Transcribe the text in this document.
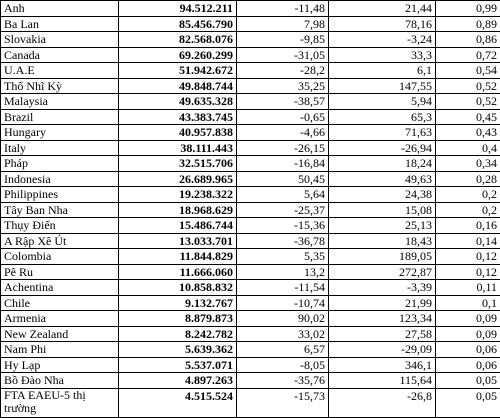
Anh	94.512.211	-11,48	21,44	0,99
Ba Lan	85.456.790	7,98	78,16	0,89
Slovakia	82.568.076	-9,85	-3,24	0,86
Canada	69.260.299	-31,05	33,3	0,72
U.A.E	51.942.672	-28,2	6,1	0,54
Thổ Nhĩ Kỳ	49.848.744	35,25	147,55	0,52
Malaysia	49.635.328	-38,57	5,94	0,52
Brazil	43.383.745	-0,65	65,3	0,45
Hungary	40.957.838	-4,66	71,63	0,43
Italy	38.111.443	-26,15	-26,94	0,4
Pháp	32.515.706	-16,84	18,24	0,34
Indonesia	26.689.965	50,45	49,63	0,28
Philippines	19.238.322	5,64	24,38	0,2
Tây Ban Nha	18.968.629	-25,37	15,08	0,2
Thụy Điển	15.486.744	-15,36	25,13	0,16
A Rập Xê Út	13.033.701	-36,78	18,43	0,14
Colombia	11.844.829	5,35	189,05	0,12
Pê Ru	11.666.060	13,2	272,87	0,12
Achentina	10.858.832	-11,54	-3,39	0,11
Chile	9.132.767	-10,74	21,99	0,1
Armenia	8.879.873	90,02	123,34	0,09
New Zealand	8.242.782	33,02	27,58	0,09
Nam Phi	5.639.362	6,57	-29,09	0,06
Hy Lạp	5.537.071	-8,05	346,1	0,06
Bồ Đào Nha	4.897.263	-35,76	115,64	0,05
FTA EAEU-5 thị trường	4.515.524	-15,73	-26,8	0,05
